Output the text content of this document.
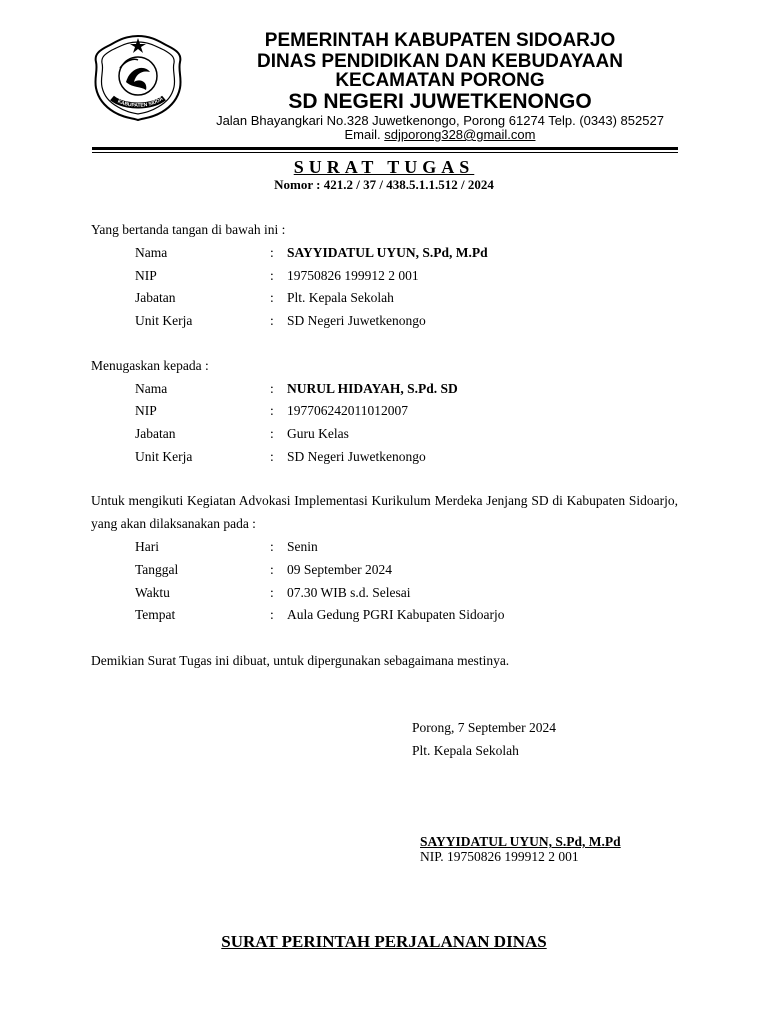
KABUPATEN SIDOA
PEMERINTAH KABUPATEN SIDOARJO
DINAS PENDIDIKAN DAN KEBUDAYAAN
KECAMATAN PORONG
SD NEGERI JUWETKENONGO
Jalan Bhayangkari No.328 Juwetkenongo, Porong 61274 Telp. (0343) 852527
Email. sdjporong328@gmail.com
SURAT TUGAS
Nomor : 421.2 / 37 / 438.5.1.1.512 / 2024
Yang bertanda tangan di bawah ini :
Nama	: SAYYIDATUL UYUN, S.Pd, M.Pd
NIP	: 19750826 199912 2 001
Jabatan	: Plt. Kepala Sekolah
Unit Kerja	: SD Negeri Juwetkenongo
Menugaskan kepada :
Nama	: NURUL HIDAYAH, S.Pd. SD
NIP	: 197706242011012007
Jabatan	: Guru Kelas
Unit Kerja	: SD Negeri Juwetkenongo
Untuk mengikuti Kegiatan Advokasi Implementasi Kurikulum Merdeka Jenjang SD di Kabupaten Sidoarjo, yang akan dilaksanakan pada :
Hari	: Senin
Tanggal	: 09 September 2024
Waktu	: 07.30 WIB s.d. Selesai
Tempat	: Aula Gedung PGRI Kabupaten Sidoarjo
Demikian Surat Tugas ini dibuat, untuk dipergunakan sebagaimana mestinya.
Porong, 7 September 2024
Plt. Kepala Sekolah
SAYYIDATUL UYUN, S.Pd, M.Pd
NIP. 19750826 199912 2 001
SURAT PERINTAH PERJALANAN DINAS
